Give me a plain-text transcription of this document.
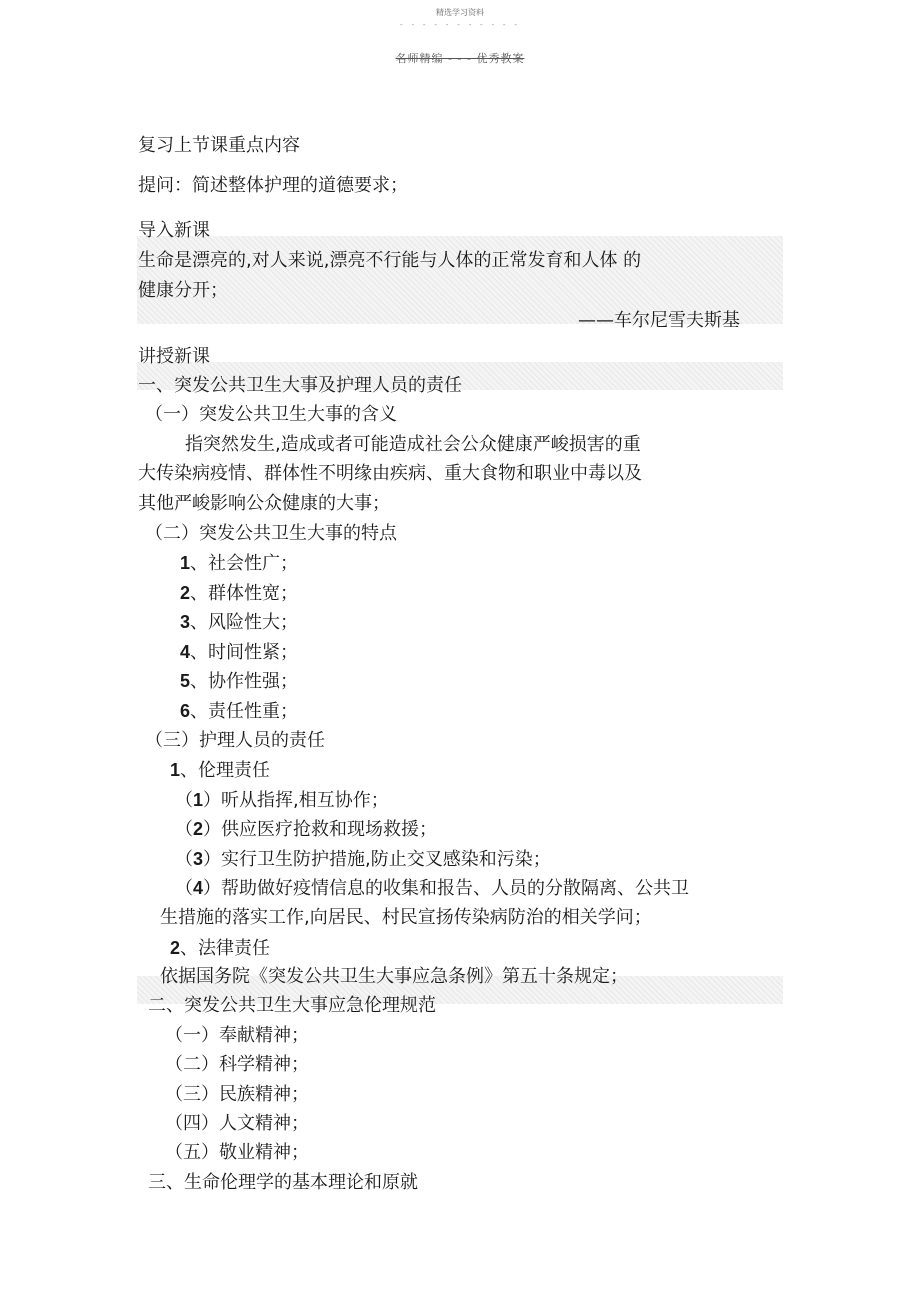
精选学习资料
- - - - - - - - - - -
名师精编 - - - 优秀教案
复习上节课重点内容
提问：简述整体护理的道德要求；
导入新课
生命是漂亮的,对人来说,漂亮不行能与人体的正常发育和人体 的
健康分开；
——车尔尼雪夫斯基
讲授新课
一、突发公共卫生大事及护理人员的责任
（一）突发公共卫生大事的含义
指突然发生,造成或者可能造成社会公众健康严峻损害的重
大传染病疫情、群体性不明缘由疾病、重大食物和职业中毒以及
其他严峻影响公众健康的大事；
（二）突发公共卫生大事的特点
1、社会性广；
2、群体性宽；
3、风险性大；
4、时间性紧；
5、协作性强；
6、责任性重；
（三）护理人员的责任
1、伦理责任
（1）听从指挥,相互协作；
（2）供应医疗抢救和现场救援；
（3）实行卫生防护措施,防止交叉感染和污染；
（4）帮助做好疫情信息的收集和报告、人员的分散隔离、公共卫
生措施的落实工作,向居民、村民宣扬传染病防治的相关学问；
2、法律责任
依据国务院《突发公共卫生大事应急条例》第五十条规定；
二、突发公共卫生大事应急伦理规范
（一）奉献精神；
（二）科学精神；
（三）民族精神；
（四）人文精神；
（五）敬业精神；
三、生命伦理学的基本理论和原就
